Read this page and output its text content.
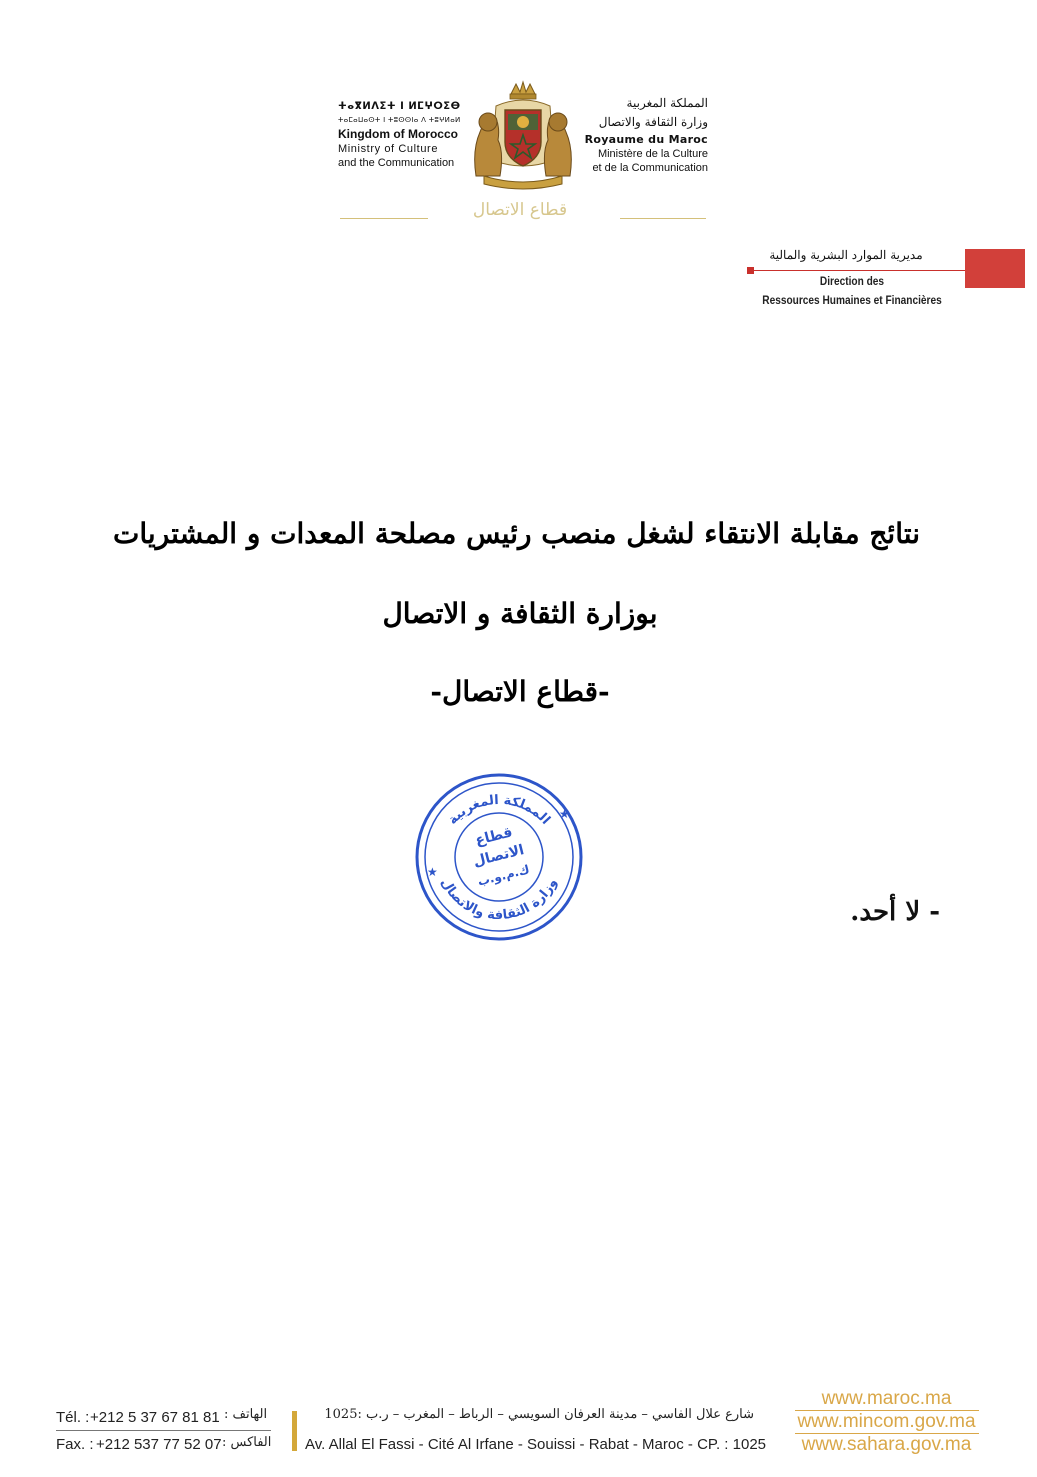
ⵜⴰⴳⵍⴷⵉⵜ ⵏ ⵍⵎⵖⵔⵉⴱ
ⵜⴰⵎⴰⵡⴰⵙⵜ ⵏ ⵜⵓⵙⵙⵏⴰ ⴷ ⵜⵓⵖⵍⴰⵍ
Kingdom of Morocco
Ministry of Culture
and the Communication
المملكة المغربية
وزارة الثقافة والاتصال
Royaume du Maroc
Ministère de la Culture
et de la Communication
قطاع الاتصال
مديرية الموارد البشرية والمالية
Direction des
Ressources Humaines et Financières
نتائج مقابلة الانتقاء لشغل منصب رئيس مصلحة المعدات و المشتريات
بوزارة الثقافة و الاتصال
-قطاع الاتصال-
★
★
المملكة المغربية
وزارة الثقافة والاتصال
قطاع
الاتصال
ك.م.و.ب
- لا أحد.
Tél. : +212 5 37 67 81 81 الهاتف :
Fax. : +212 537 77 52 07 الفاكس :
شارع علال الفاسي – مدينة العرفان السويسي – الرباط – المغرب – ر.ب :1025
Av. Allal El Fassi - Cité Al Irfane - Souissi - Rabat - Maroc - CP. : 1025
www.maroc.ma
www.mincom.gov.ma
www.sahara.gov.ma
